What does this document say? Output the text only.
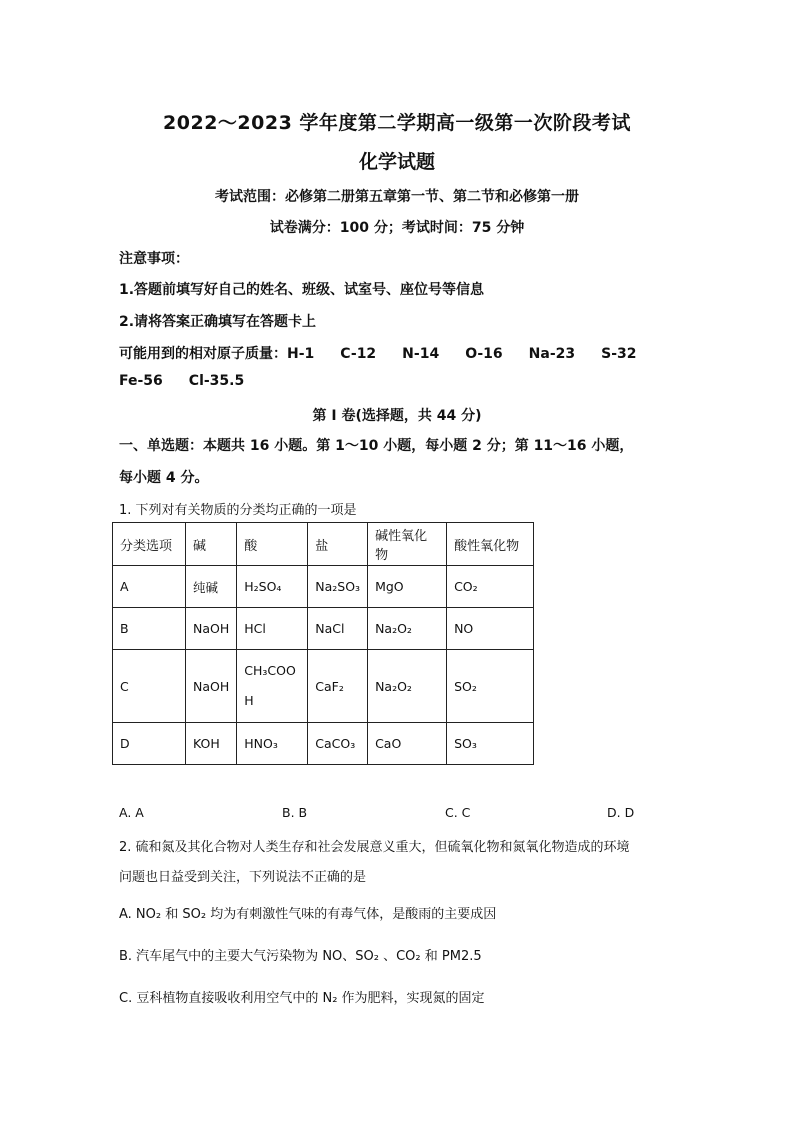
2022～2023 学年度第二学期高一级第一次阶段考试
化学试题
考试范围：必修第二册第五章第一节、第二节和必修第一册
试卷满分：100 分；考试时间：75 分钟
注意事项：
1.答题前填写好自己的姓名、班级、试室号、座位号等信息
2.请将答案正确填写在答题卡上
可能用到的相对原子质量：H-1 C-12 N-14 O-16 Na-23 S-32
Fe-56 Cl-35.5
第 I 卷(选择题，共 44 分)
一、单选题：本题共 16 小题。第 1～10 小题，每小题 2 分；第 11～16 小题，
每小题 4 分。
1. 下列对有关物质的分类均正确的一项是
分类选项	碱	酸	盐	碱性氧化物	酸性氧化物
A	纯碱	H₂SO₄	Na₂SO₃	MgO	CO₂
B	NaOH	HCl	NaCl	Na₂O₂	NO
C	NaOH	CH₃COOH	CaF₂	Na₂O₂	SO₂
D	KOH	HNO₃	CaCO₃	CaO	SO₃
A. A	B. B	C. C	D. D
2. 硫和氮及其化合物对人类生存和社会发展意义重大，但硫氧化物和氮氧化物造成的环境
问题也日益受到关注，下列说法不正确的是
A. NO₂ 和 SO₂ 均为有刺激性气味的有毒气体，是酸雨的主要成因
B. 汽车尾气中的主要大气污染物为 NO、SO₂ 、CO₂ 和 PM2.5
C. 豆科植物直接吸收利用空气中的 N₂ 作为肥料，实现氮的固定
